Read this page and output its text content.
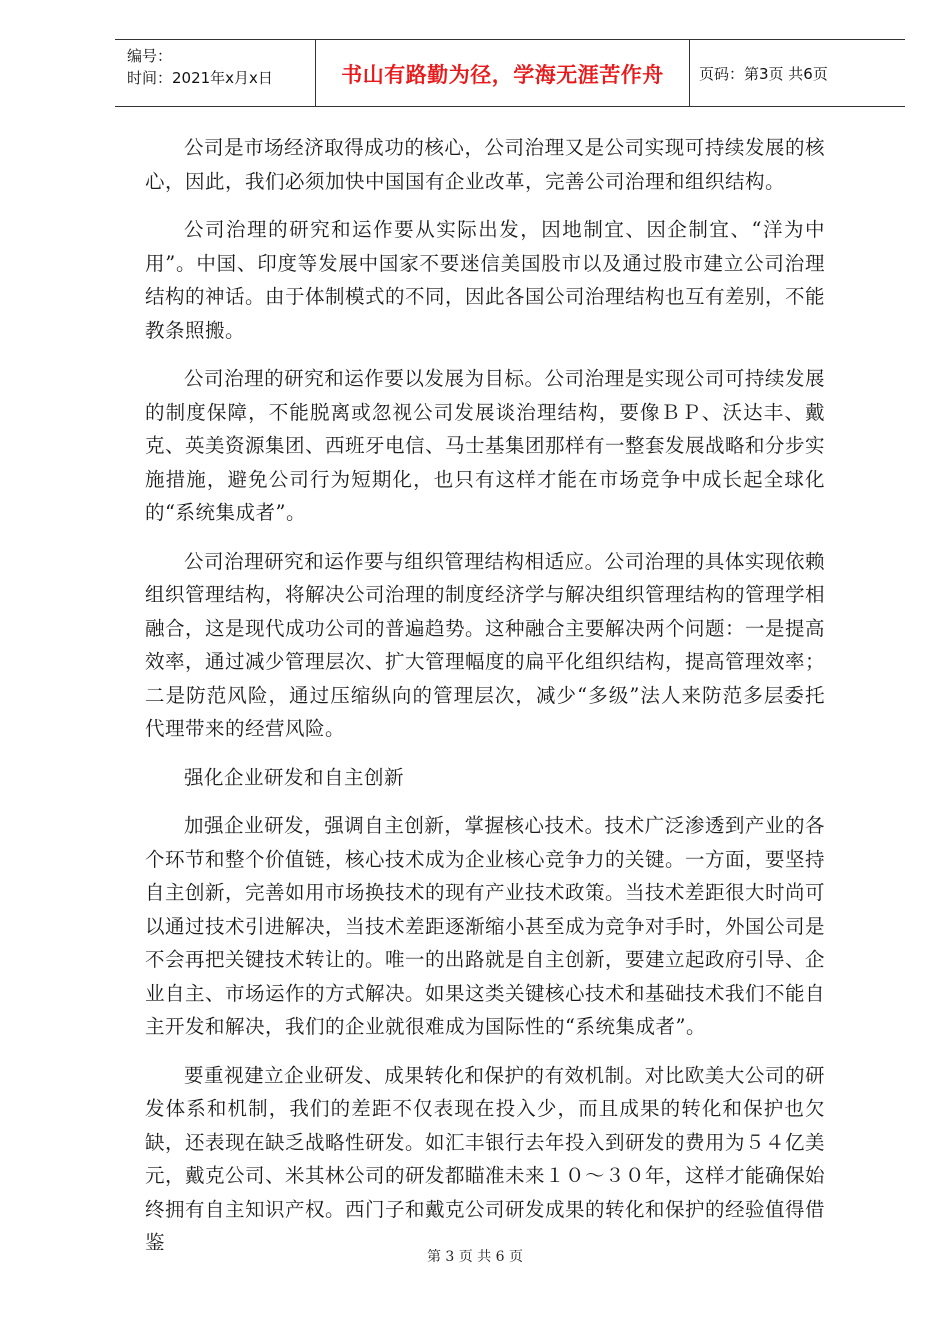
编号：
时间：2021年x月x日	书山有路勤为径，学海无涯苦作舟 页码：第3页 共6页

公司是市场经济取得成功的核心，公司治理又是公司实现可持续发展的核心，因此，我们必须加快中国国有企业改革，完善公司治理和组织结构。

公司治理的研究和运作要从实际出发，因地制宜、因企制宜、“洋为中用”。中国、印度等发展中国家不要迷信美国股市以及通过股市建立公司治理结构的神话。由于体制模式的不同，因此各国公司治理结构也互有差别，不能教条照搬。

公司治理的研究和运作要以发展为目标。公司治理是实现公司可持续发展的制度保障，不能脱离或忽视公司发展谈治理结构，要像ＢＰ、沃达丰、戴克、英美资源集团、西班牙电信、马士基集团那样有一整套发展战略和分步实施措施，避免公司行为短期化，也只有这样才能在市场竞争中成长起全球化的“系统集成者”。

公司治理研究和运作要与组织管理结构相适应。公司治理的具体实现依赖组织管理结构，将解决公司治理的制度经济学与解决组织管理结构的管理学相融合，这是现代成功公司的普遍趋势。这种融合主要解决两个问题：一是提高效率，通过减少管理层次、扩大管理幅度的扁平化组织结构，提高管理效率；二是防范风险，通过压缩纵向的管理层次，减少“多级”法人来防范多层委托代理带来的经营风险。

强化企业研发和自主创新

加强企业研发，强调自主创新，掌握核心技术。技术广泛渗透到产业的各个环节和整个价值链，核心技术成为企业核心竞争力的关键。一方面，要坚持自主创新，完善如用市场换技术的现有产业技术政策。当技术差距很大时尚可以通过技术引进解决，当技术差距逐渐缩小甚至成为竞争对手时，外国公司是不会再把关键技术转让的。唯一的出路就是自主创新，要建立起政府引导、企业自主、市场运作的方式解决。如果这类关键核心技术和基础技术我们不能自主开发和解决，我们的企业就很难成为国际性的“系统集成者”。

要重视建立企业研发、成果转化和保护的有效机制。对比欧美大公司的研发体系和机制，我们的差距不仅表现在投入少，而且成果的转化和保护也欠缺，还表现在缺乏战略性研发。如汇丰银行去年投入到研发的费用为５４亿美元，戴克公司、米其林公司的研发都瞄准未来１０～３０年，这样才能确保始终拥有自主知识产权。西门子和戴克公司研发成果的转化和保护的经验值得借鉴

第 3 页 共 6 页
